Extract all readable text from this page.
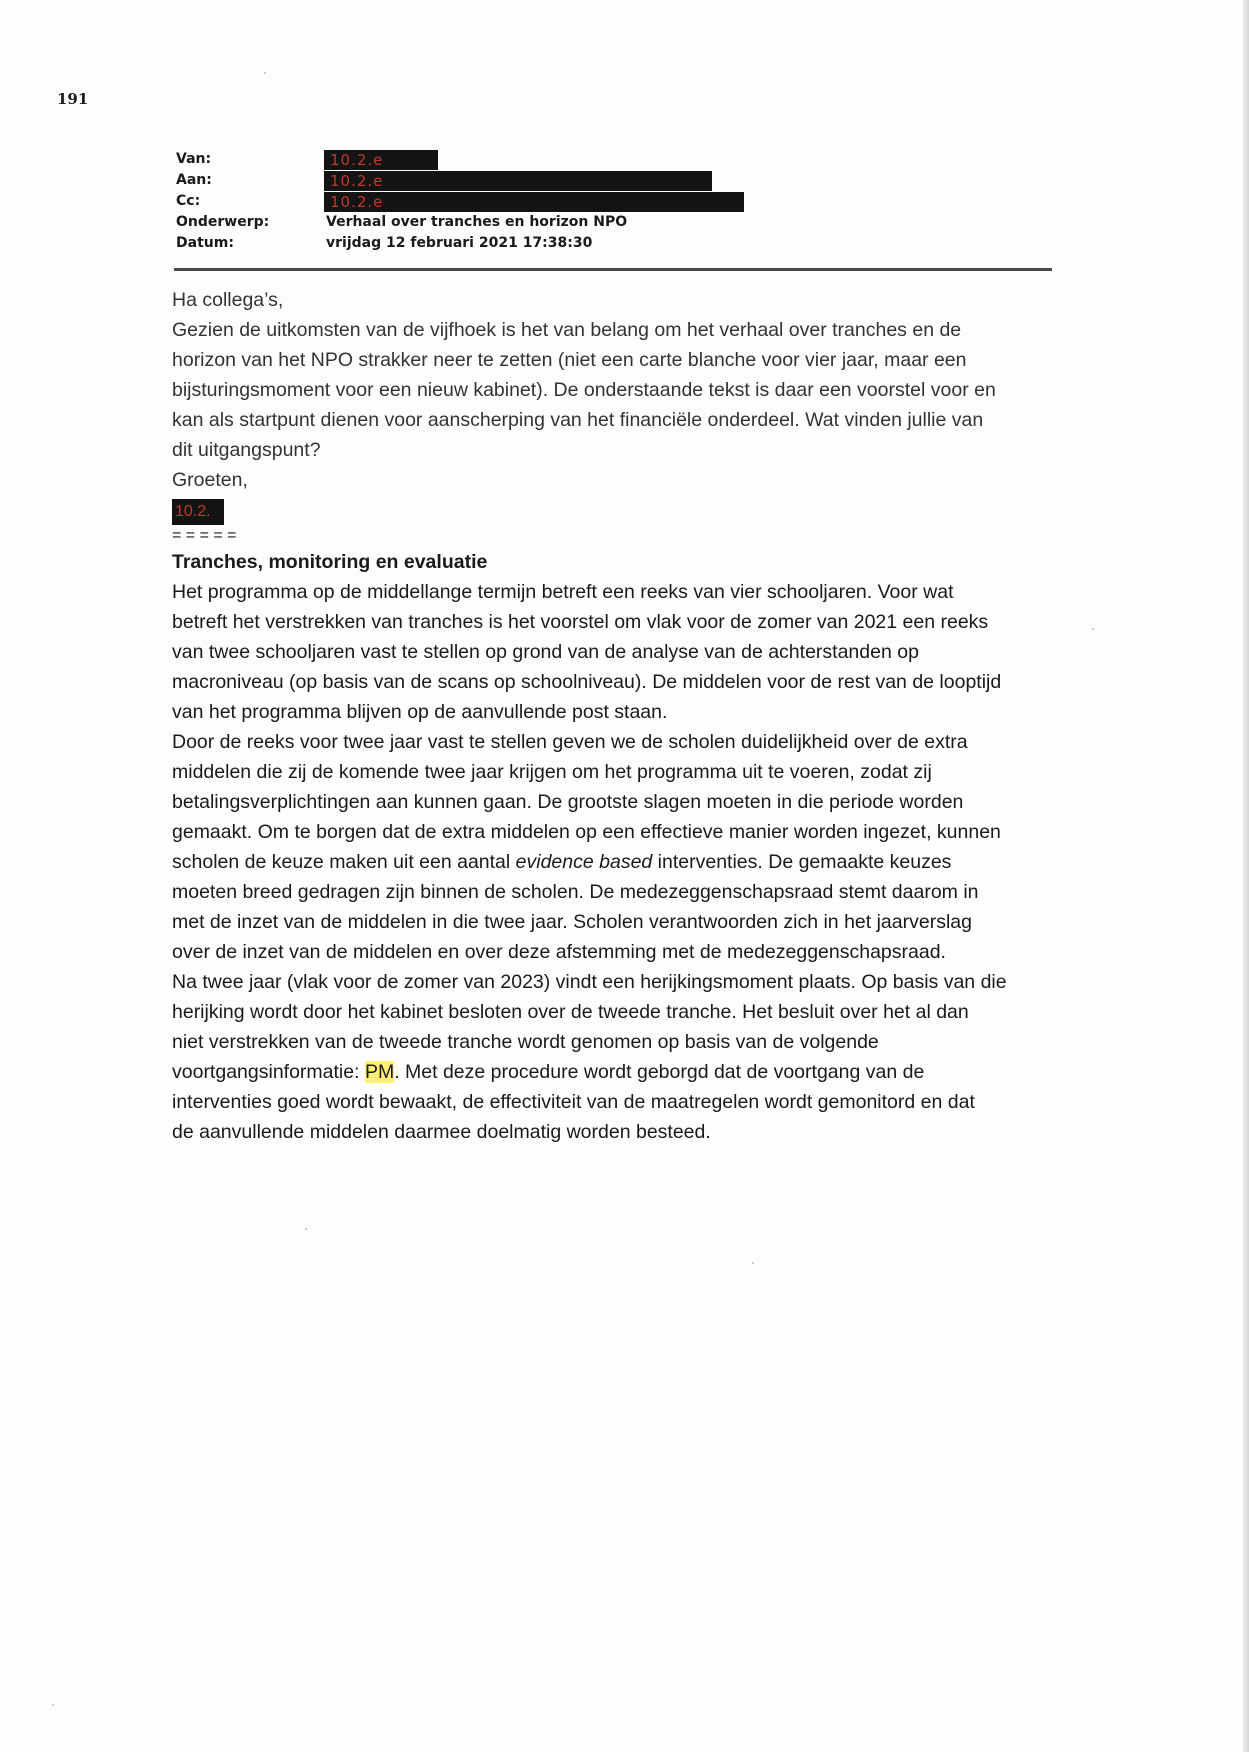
191
Van:	10.2.e
Aan:	10.2.e
Cc:	10.2.e
Onderwerp:	Verhaal over tranches en horizon NPO
Datum:	vrijdag 12 februari 2021 17:38:30
Ha collega’s,
Gezien de uitkomsten van de vijfhoek is het van belang om het verhaal over tranches en de
horizon van het NPO strakker neer te zetten (niet een carte blanche voor vier jaar, maar een
bijsturingsmoment voor een nieuw kabinet). De onderstaande tekst is daar een voorstel voor en
kan als startpunt dienen voor aanscherping van het financiële onderdeel. Wat vinden jullie van
dit uitgangspunt?
Groeten,
10.2.
= = = = =
Tranches, monitoring en evaluatie
Het programma op de middellange termijn betreft een reeks van vier schooljaren. Voor wat
betreft het verstrekken van tranches is het voorstel om vlak voor de zomer van 2021 een reeks
van twee schooljaren vast te stellen op grond van de analyse van de achterstanden op
macroniveau (op basis van de scans op schoolniveau). De middelen voor de rest van de looptijd
van het programma blijven op de aanvullende post staan.
Door de reeks voor twee jaar vast te stellen geven we de scholen duidelijkheid over de extra
middelen die zij de komende twee jaar krijgen om het programma uit te voeren, zodat zij
betalingsverplichtingen aan kunnen gaan. De grootste slagen moeten in die periode worden
gemaakt. Om te borgen dat de extra middelen op een effectieve manier worden ingezet, kunnen
scholen de keuze maken uit een aantal evidence based interventies. De gemaakte keuzes
moeten breed gedragen zijn binnen de scholen. De medezeggenschapsraad stemt daarom in
met de inzet van de middelen in die twee jaar. Scholen verantwoorden zich in het jaarverslag
over de inzet van de middelen en over deze afstemming met de medezeggenschapsraad.
Na twee jaar (vlak voor de zomer van 2023) vindt een herijkingsmoment plaats. Op basis van die
herijking wordt door het kabinet besloten over de tweede tranche. Het besluit over het al dan
niet verstrekken van de tweede tranche wordt genomen op basis van de volgende
voortgangsinformatie: PM. Met deze procedure wordt geborgd dat de voortgang van de
interventies goed wordt bewaakt, de effectiviteit van de maatregelen wordt gemonitord en dat
de aanvullende middelen daarmee doelmatig worden besteed.
